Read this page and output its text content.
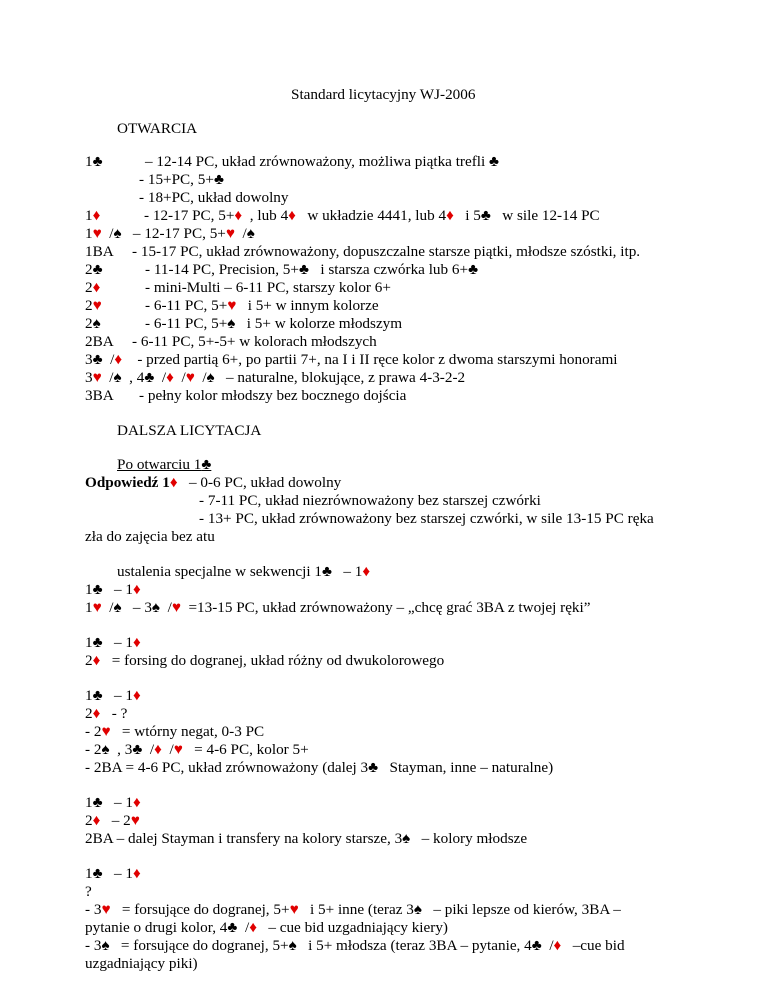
Standard licytacyjny WJ-2006
OTWARCIA
1♣	– 12-14 PC, układ zrównoważony, możliwa piątka trefli ♣
- 15+PC, 5+♣
- 18+PC, układ dowolny
1♦	- 12-17 PC, 5+♦ , lub 4♦ w układzie 4441, lub 4♦ i 5♣ w sile 12-14 PC
1♥  /♠ – 12-17 PC, 5+♥  /♠
1BA - 15-17 PC, układ zrównoważony, dopuszczalne starsze piątki, młodsze szóstki, itp.
2♣	- 11-14 PC, Precision, 5+♣ i starsza czwórka lub 6+♣
2♦	- mini-Multi – 6-11 PC, starszy kolor 6+
2♥	- 6-11 PC, 5+♥ i 5+ w innym kolorze
2♠	- 6-11 PC, 5+♠ i 5+ w kolorze młodszym
2BA - 6-11 PC, 5+-5+ w kolorach młodszych
3♣  /♦ - przed partią 6+, po partii 7+, na I i II ręce kolor z dwoma starszymi honorami
3♥  /♠  , 4♣  /♦  /♥  /♠ – naturalne, blokujące, z prawa 4-3-2-2
3BA - pełny kolor młodszy bez bocznego dojścia
DALSZA LICYTACJA
Po otwarciu 1♣
Odpowiedź 1♦ – 0-6 PC, układ dowolny
- 7-11 PC, układ niezrównoważony bez starszej czwórki
- 13+ PC, układ zrównoważony bez starszej czwórki, w sile 13-15 PC ręka
zła do zajęcia bez atu
ustalenia specjalne w sekwencji 1♣ – 1♦
1♣   – 1♦
1♥  /♠   – 3♠  /♥ =13-15 PC, układ zrównoważony – „chcę grać 3BA z twojej ręki”
1♣   – 1♦
2♦ = forsing do dogranej, układ różny od dwukolorowego
1♣   – 1♦
2♦ - ?
- 2♥ = wtórny negat, 0-3 PC
- 2♠  , 3♣  /♦  /♥ = 4-6 PC, kolor 5+
- 2BA = 4-6 PC, układ zrównoważony (dalej 3♣ Stayman, inne – naturalne)
1♣   – 1♦
2♦   – 2♥
2BA – dalej Stayman i transfery na kolory starsze, 3♠ – kolory młodsze
1♣   – 1♦
?
- 3♥ = forsujące do dogranej, 5+♥ i 5+ inne (teraz 3♠ – piki lepsze od kierów, 3BA –
pytanie o drugi kolor, 4♣  /♦ – cue bid uzgadniający kiery)
- 3♠ = forsujące do dogranej, 5+♠ i 5+ młodsza (teraz 3BA – pytanie, 4♣  /♦ –cue bid
uzgadniający piki)
